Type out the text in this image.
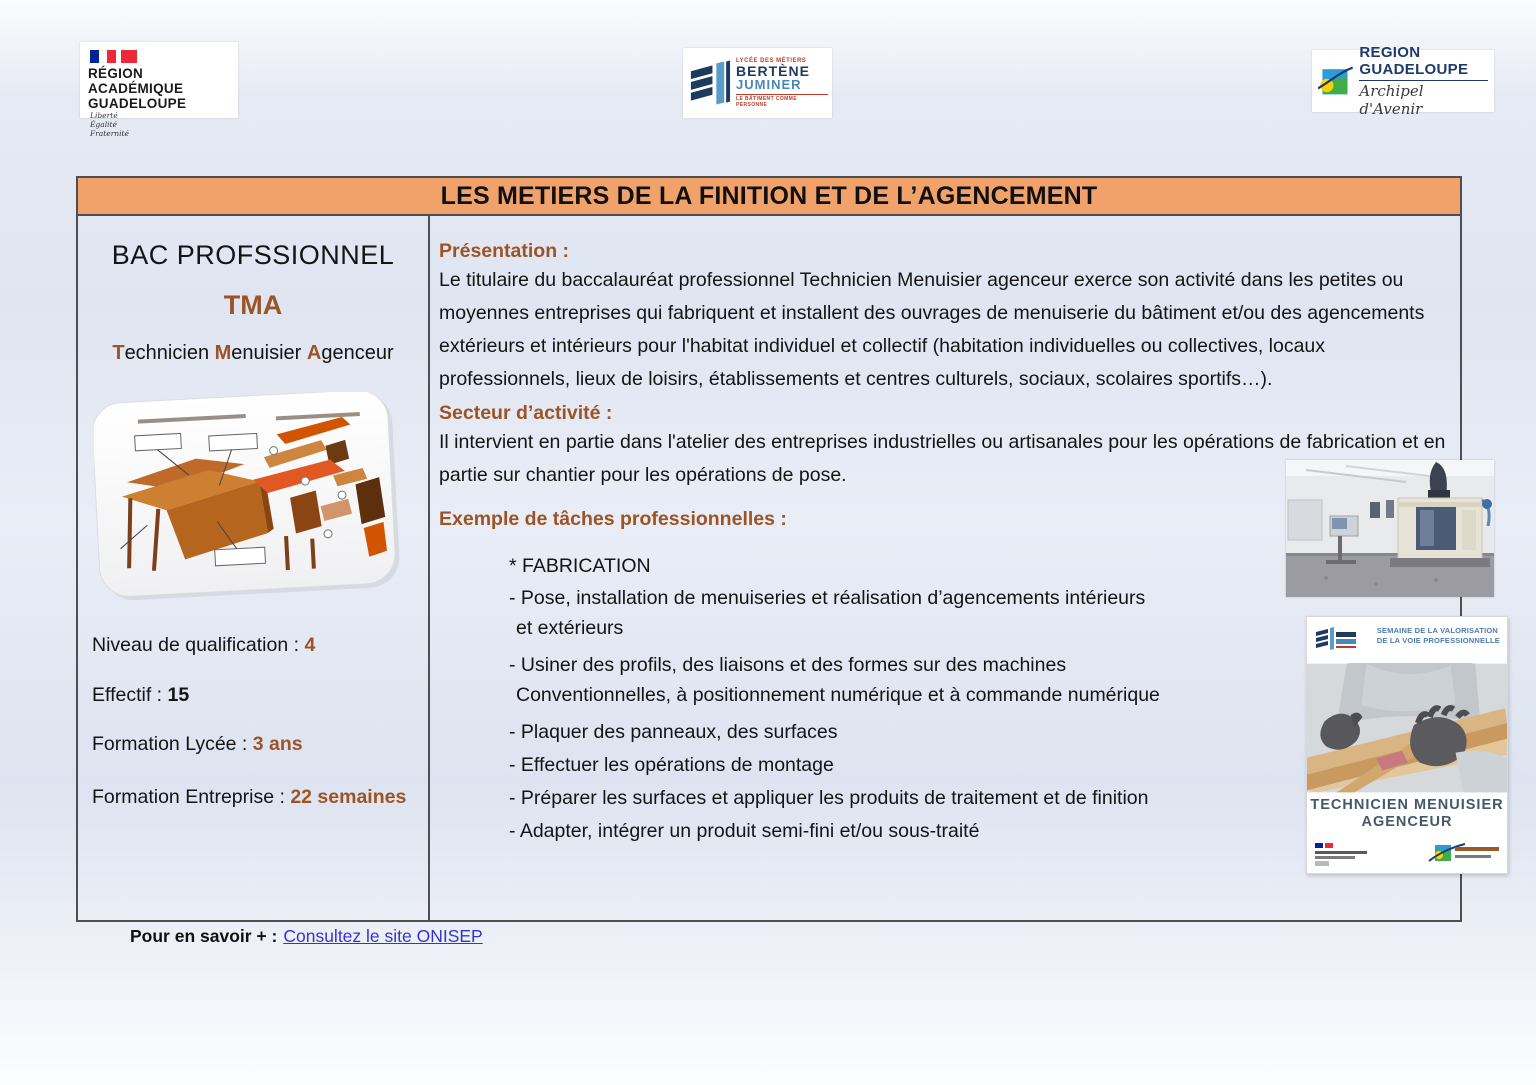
RÉGION ACADÉMIQUE
GUADELOUPE
Liberté
Égalité
Fraternité
LYCÉE DES MÉTIERS
BERTÈNE
JUMINER
LE BÂTIMENT COMME PERSONNE
REGION GUADELOUPE
Archipel d'Avenir
LES METIERS DE LA FINITION ET DE L’AGENCEMENT
BAC PROFSSIONNEL
TMA
Technicien Menuisier Agenceur
Niveau de qualification : 4
Effectif : 15
Formation Lycée : 3 ans
Formation Entreprise : 22 semaines
Présentation :
Le titulaire du baccalauréat professionnel Technicien Menuisier agenceur exerce son activité dans les petites ou moyennes entreprises qui fabriquent et installent des ouvrages de menuiserie du bâtiment et/ou des agencements extérieurs et intérieurs pour l'habitat individuel et collectif (habitation individuelles ou collectives, locaux professionnels, lieux de loisirs, établissements et centres culturels, sociaux, scolaires sportifs…).
Secteur d’activité :
Il intervient en partie dans l'atelier des entreprises industrielles ou artisanales pour les opérations de fabrication et en partie sur chantier pour les opérations de pose.
Exemple de tâches professionnelles :
* FABRICATION
- Pose, installation de menuiseries et réalisation d’agencements intérieurs
et extérieurs
- Usiner des profils, des liaisons et des formes sur des machines
Conventionnelles, à positionnement numérique et à commande numérique
- Plaquer des panneaux, des surfaces
- Effectuer les opérations de montage
- Préparer les surfaces et appliquer les produits de traitement et de finition
- Adapter, intégrer un produit semi-fini et/ou sous-traité
SEMAINE DE LA VALORISATION
DE LA VOIE PROFESSIONNELLE
TECHNICIEN MENUISIER
AGENCEUR
Pour en savoir + : Consultez le site ONISEP
